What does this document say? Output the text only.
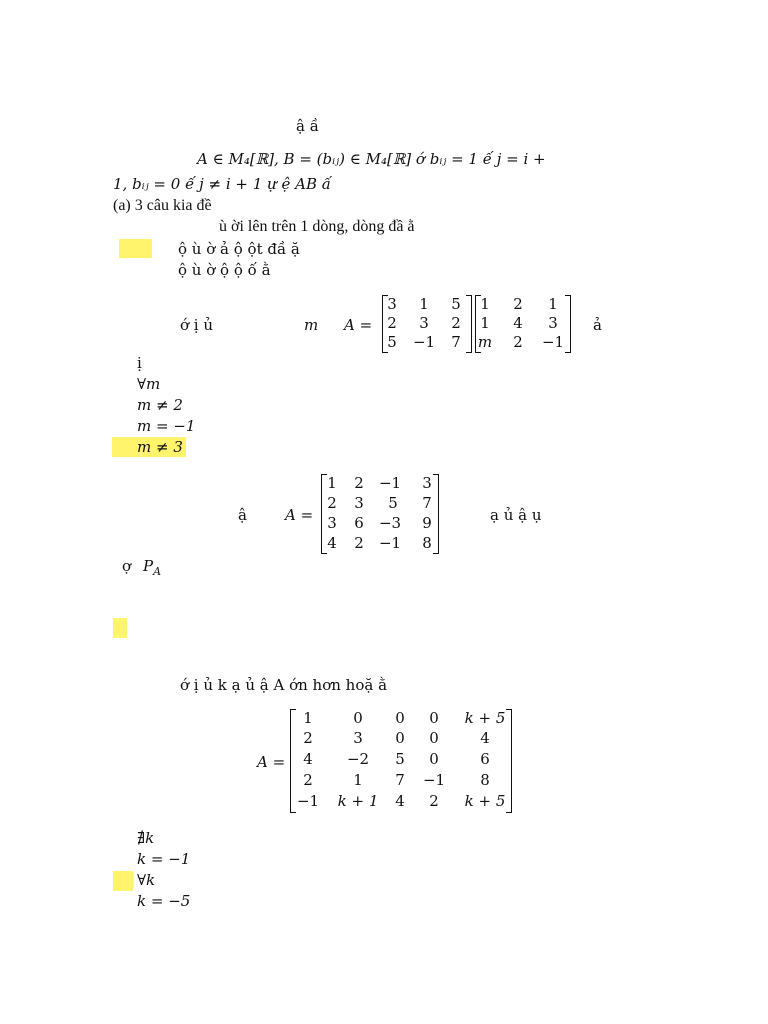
ậ ầ
A ∈ M₄[ℝ], B = (bᵢⱼ) ∈ M₄[ℝ] ớ bᵢⱼ = 1 ế j = i +
1, bᵢⱼ = 0 ế j ≠ i + 1 ự ệ AB ấ
(a) 3 câu kia đề
ù ời lên trên 1 dòng, dòng đầ ằ
ộ ù ờ ả ộ ột đầ ặ
ộ ù ờ ộ ộ ố ằ
ớ ị ủ	m A =
3	1	5
2	3	2
5	−1	7
1	2	1
1	4	3
m	2	−1
ả
ị
∀m
m ≠ 2
m = −1
m ≠ 3
ậ	A =
1	2	−1	3
2	3	5	7
3	6	−3	9
4	2	−1	8
ạ ủ ậ ụ
ợ $P_A$
ớ ị ủ k ạ ủ ậ A ớn hơn hoặ ằ
A =
1	0	0	0	k + 5
2	3	0	0	4
4	−2	5	0	6
2	1	7	−1	8
−1	k + 1	4	2	k + 5
∄k
k = −1
∀k
k = −5
